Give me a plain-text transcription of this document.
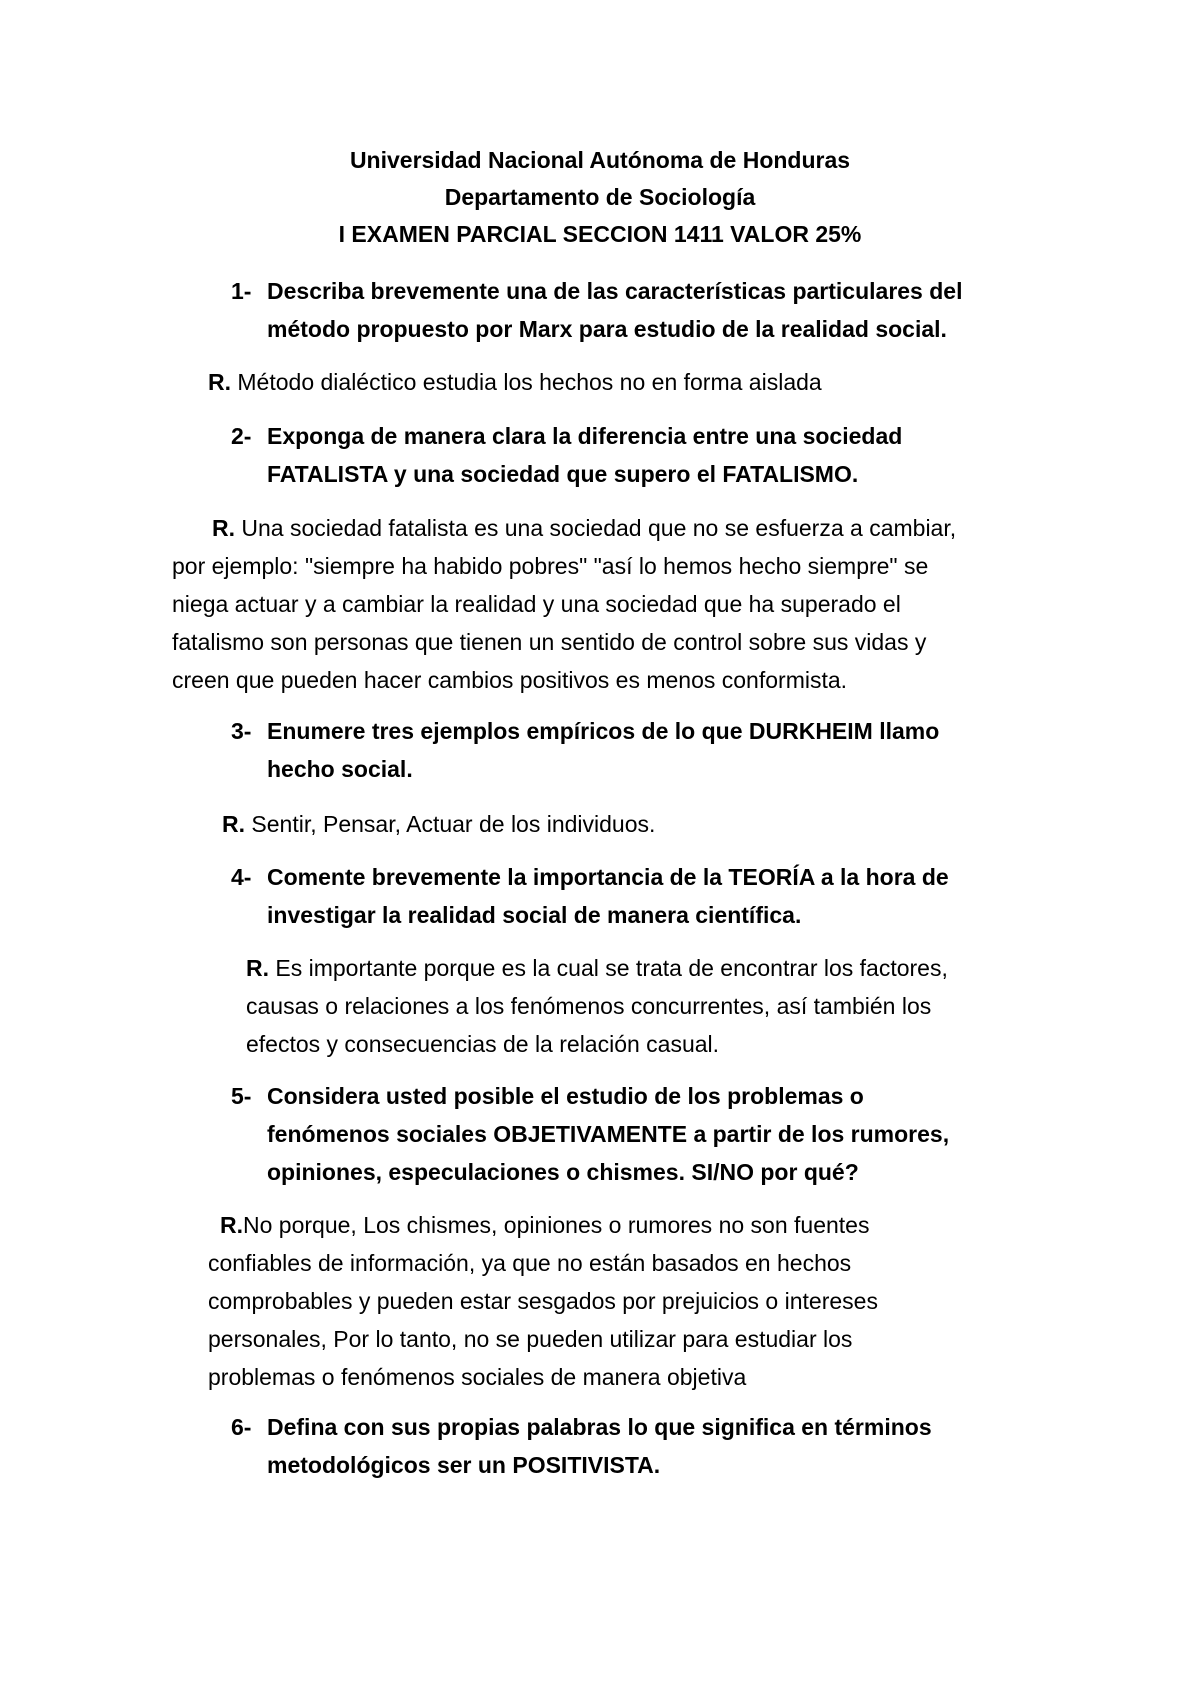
Universidad Nacional Autónoma de Honduras
Departamento de Sociología
I EXAMEN PARCIAL SECCION 1411 VALOR 25%
1- Describa brevemente una de las características particulares del
método propuesto por Marx para estudio de la realidad social.
R. Método dialéctico estudia los hechos no en forma aislada
2- Exponga de manera clara la diferencia entre una sociedad
FATALISTA y una sociedad que supero el FATALISMO.
R. Una sociedad fatalista es una sociedad que no se esfuerza a cambiar,
por ejemplo: "siempre ha habido pobres" "así lo hemos hecho siempre" se
niega actuar y a cambiar la realidad y una sociedad que ha superado el
fatalismo son personas que tienen un sentido de control sobre sus vidas y
creen que pueden hacer cambios positivos es menos conformista.
3- Enumere tres ejemplos empíricos de lo que DURKHEIM llamo
hecho social.
R. Sentir, Pensar, Actuar de los individuos.
4- Comente brevemente la importancia de la TEORÍA a la hora de
investigar la realidad social de manera científica.
R. Es importante porque es la cual se trata de encontrar los factores,
causas o relaciones a los fenómenos concurrentes, así también los
efectos y consecuencias de la relación casual.
5- Considera usted posible el estudio de los problemas o
fenómenos sociales OBJETIVAMENTE a partir de los rumores,
opiniones, especulaciones o chismes. SI/NO por qué?
R.No porque, Los chismes, opiniones o rumores no son fuentes
confiables de información, ya que no están basados en hechos
comprobables y pueden estar sesgados por prejuicios o intereses
personales, Por lo tanto, no se pueden utilizar para estudiar los
problemas o fenómenos sociales de manera objetiva
6- Defina con sus propias palabras lo que significa en términos
metodológicos ser un POSITIVISTA.
